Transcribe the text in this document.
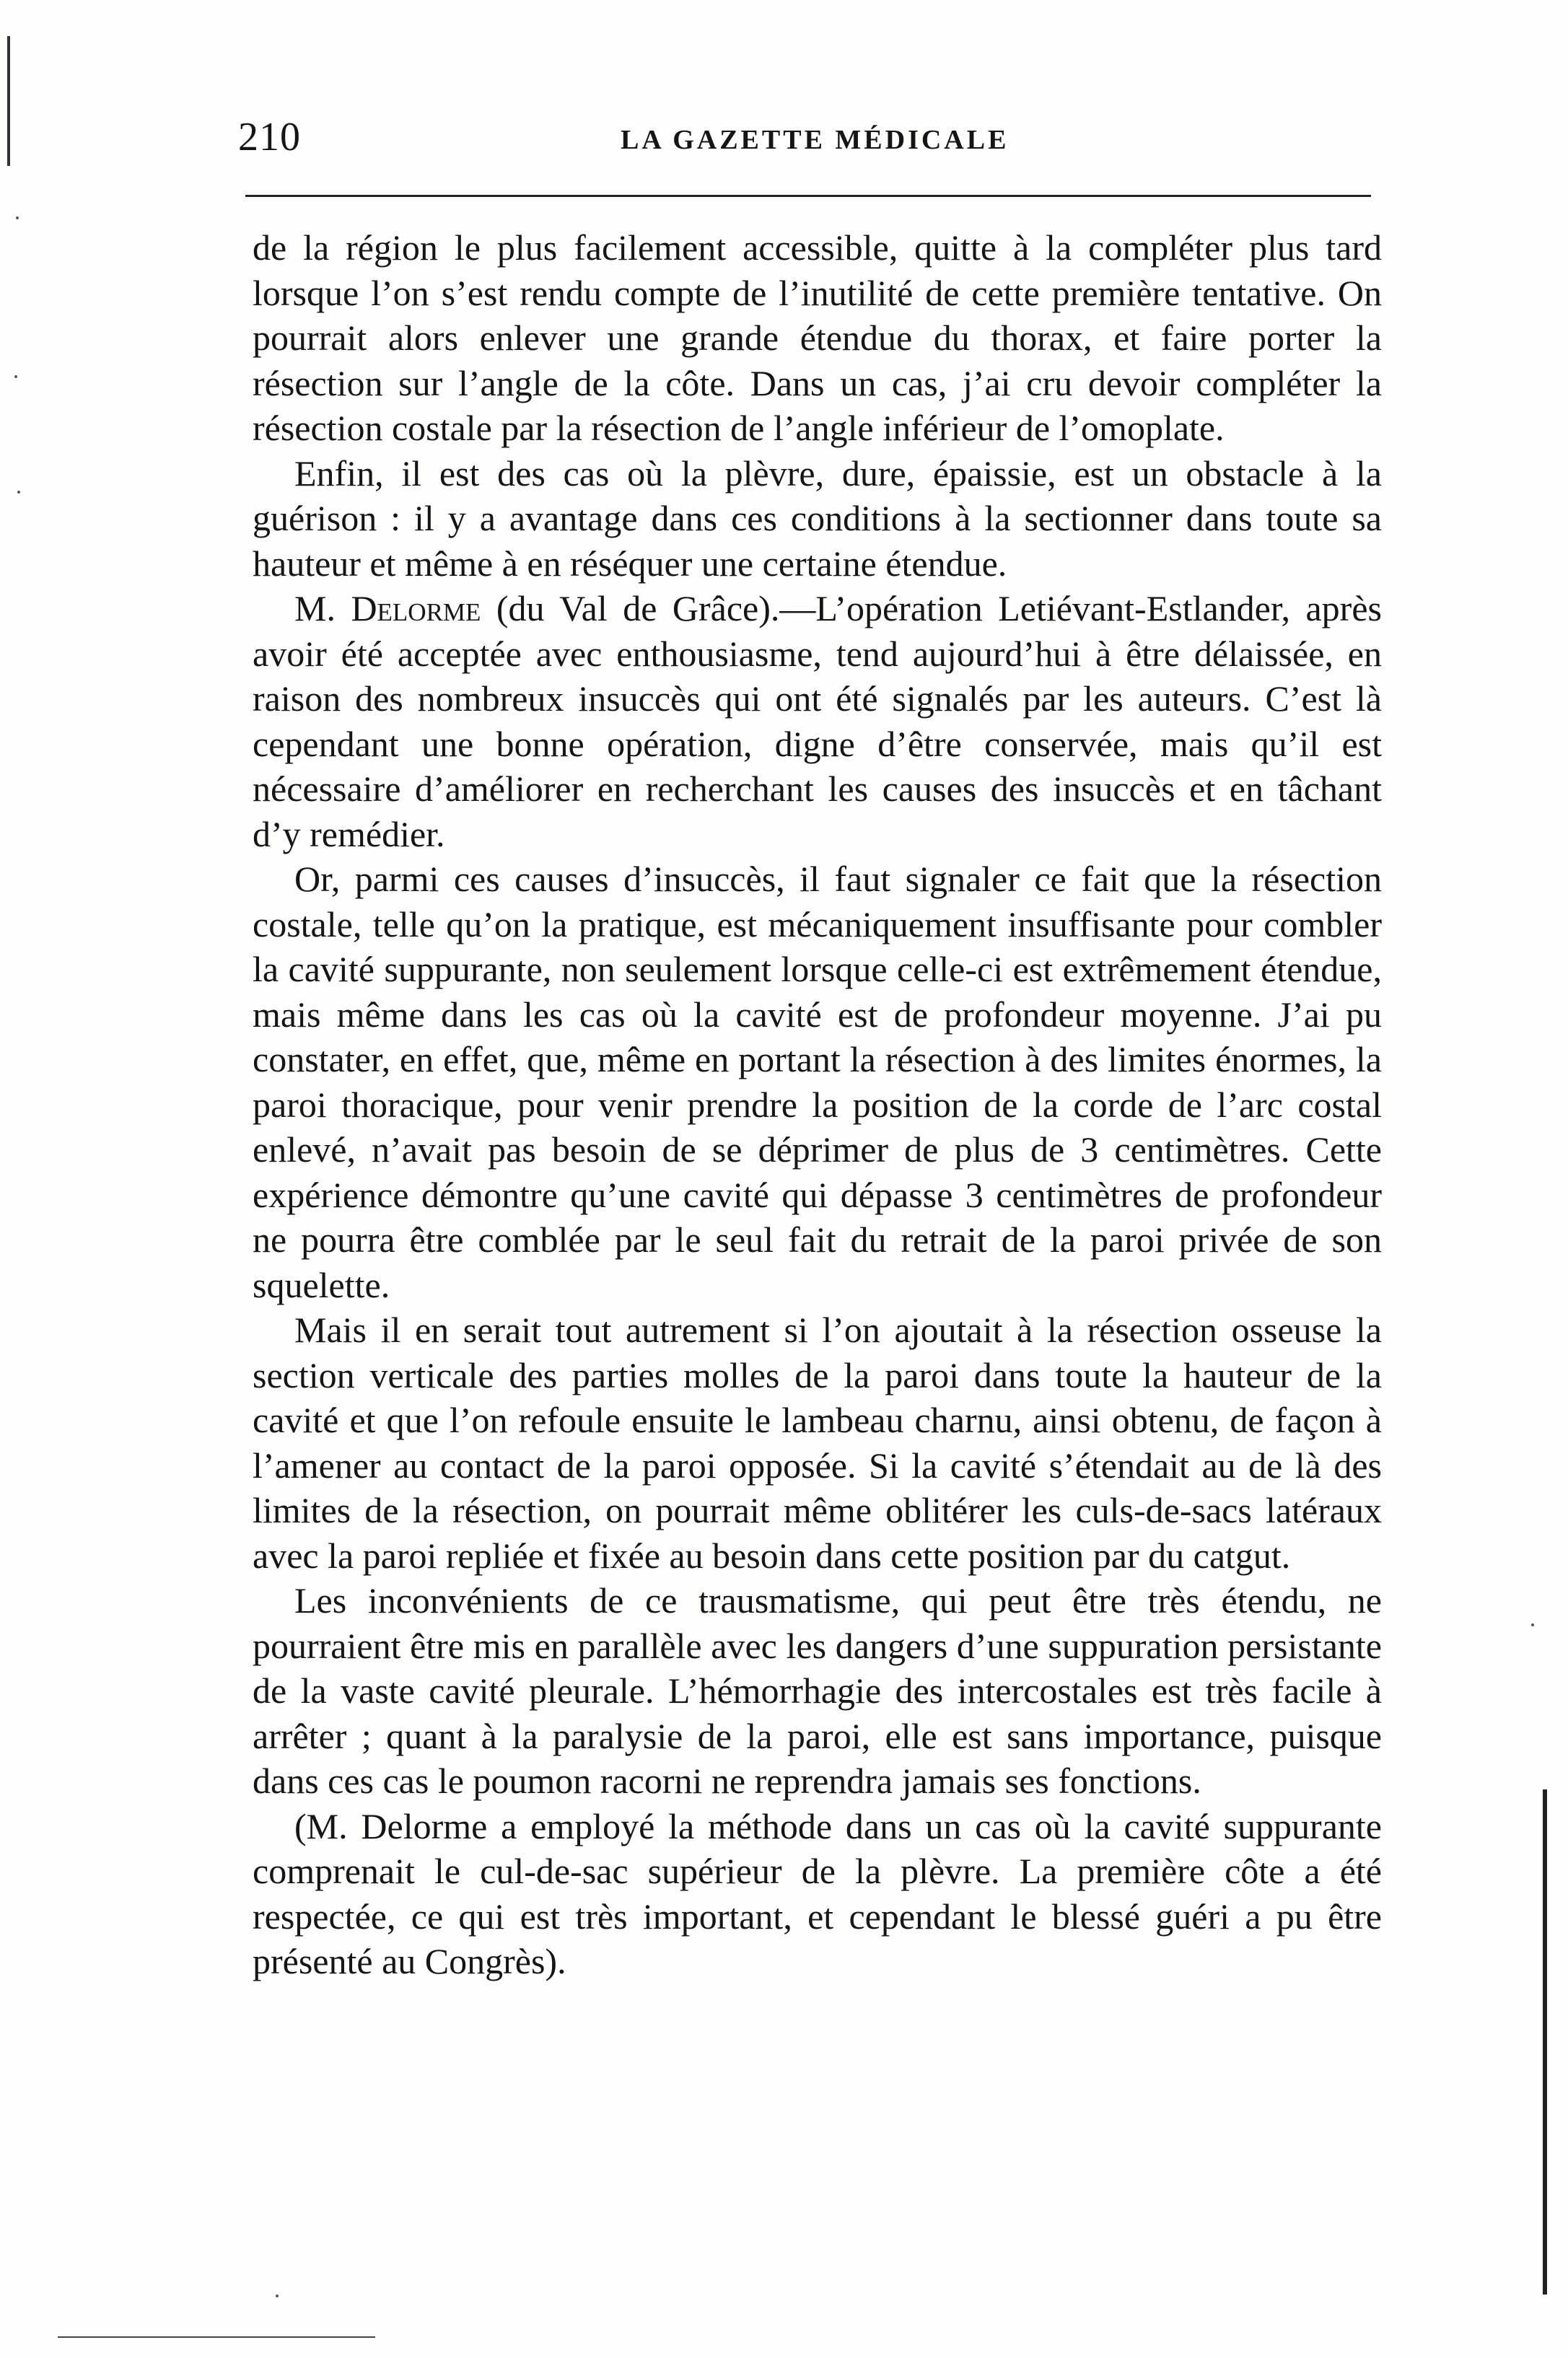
210	LA GAZETTE MÉDICALE

de la région le plus facilement accessible, quitte à la compléter plus tard lorsque l’on s’est rendu compte de l’inutilité de cette première tentative. On pourrait alors enlever une grande étendue du thorax, et faire porter la résection sur l’angle de la côte. Dans un cas, j’ai cru devoir compléter la résection costale par la résection de l’angle inférieur de l’omoplate.

Enfin, il est des cas où la plèvre, dure, épaissie, est un obstacle à la guérison : il y a avantage dans ces conditions à la sectionner dans toute sa hauteur et même à en réséquer une certaine étendue.

M. Delorme (du Val de Grâce).—L’opération Letiévant-Estlander, après avoir été acceptée avec enthousiasme, tend aujourd’hui à être délaissée, en raison des nombreux insuccès qui ont été signalés par les auteurs. C’est là cependant une bonne opération, digne d’être conservée, mais qu’il est nécessaire d’améliorer en recherchant les causes des insuccès et en tâchant d’y remédier.

Or, parmi ces causes d’insuccès, il faut signaler ce fait que la résection costale, telle qu’on la pratique, est mécaniquement insuffisante pour combler la cavité suppurante, non seulement lorsque celle-ci est extrêmement étendue, mais même dans les cas où la cavité est de profondeur moyenne. J’ai pu constater, en effet, que, même en portant la résection à des limites énormes, la paroi thoracique, pour venir prendre la position de la corde de l’arc costal enlevé, n’avait pas besoin de se déprimer de plus de 3 centimètres. Cette expérience démontre qu’une cavité qui dépasse 3 centimètres de profondeur ne pourra être comblée par le seul fait du retrait de la paroi privée de son squelette.

Mais il en serait tout autrement si l’on ajoutait à la résection osseuse la section verticale des parties molles de la paroi dans toute la hauteur de la cavité et que l’on refoule ensuite le lambeau charnu, ainsi obtenu, de façon à l’amener au contact de la paroi opposée. Si la cavité s’étendait au de là des limites de la résection, on pourrait même oblitérer les culs-de-sacs latéraux avec la paroi repliée et fixée au besoin dans cette position par du catgut.

Les inconvénients de ce trausmatisme, qui peut être très étendu, ne pourraient être mis en parallèle avec les dangers d’une suppuration persistante de la vaste cavité pleurale. L’hémorrhagie des intercostales est très facile à arrêter ; quant à la paralysie de la paroi, elle est sans importance, puisque dans ces cas le poumon racorni ne reprendra jamais ses fonctions.

(M. Delorme a employé la méthode dans un cas où la cavité suppurante comprenait le cul-de-sac supérieur de la plèvre. La première côte a été respectée, ce qui est très important, et cependant le blessé guéri a pu être présenté au Congrès).
